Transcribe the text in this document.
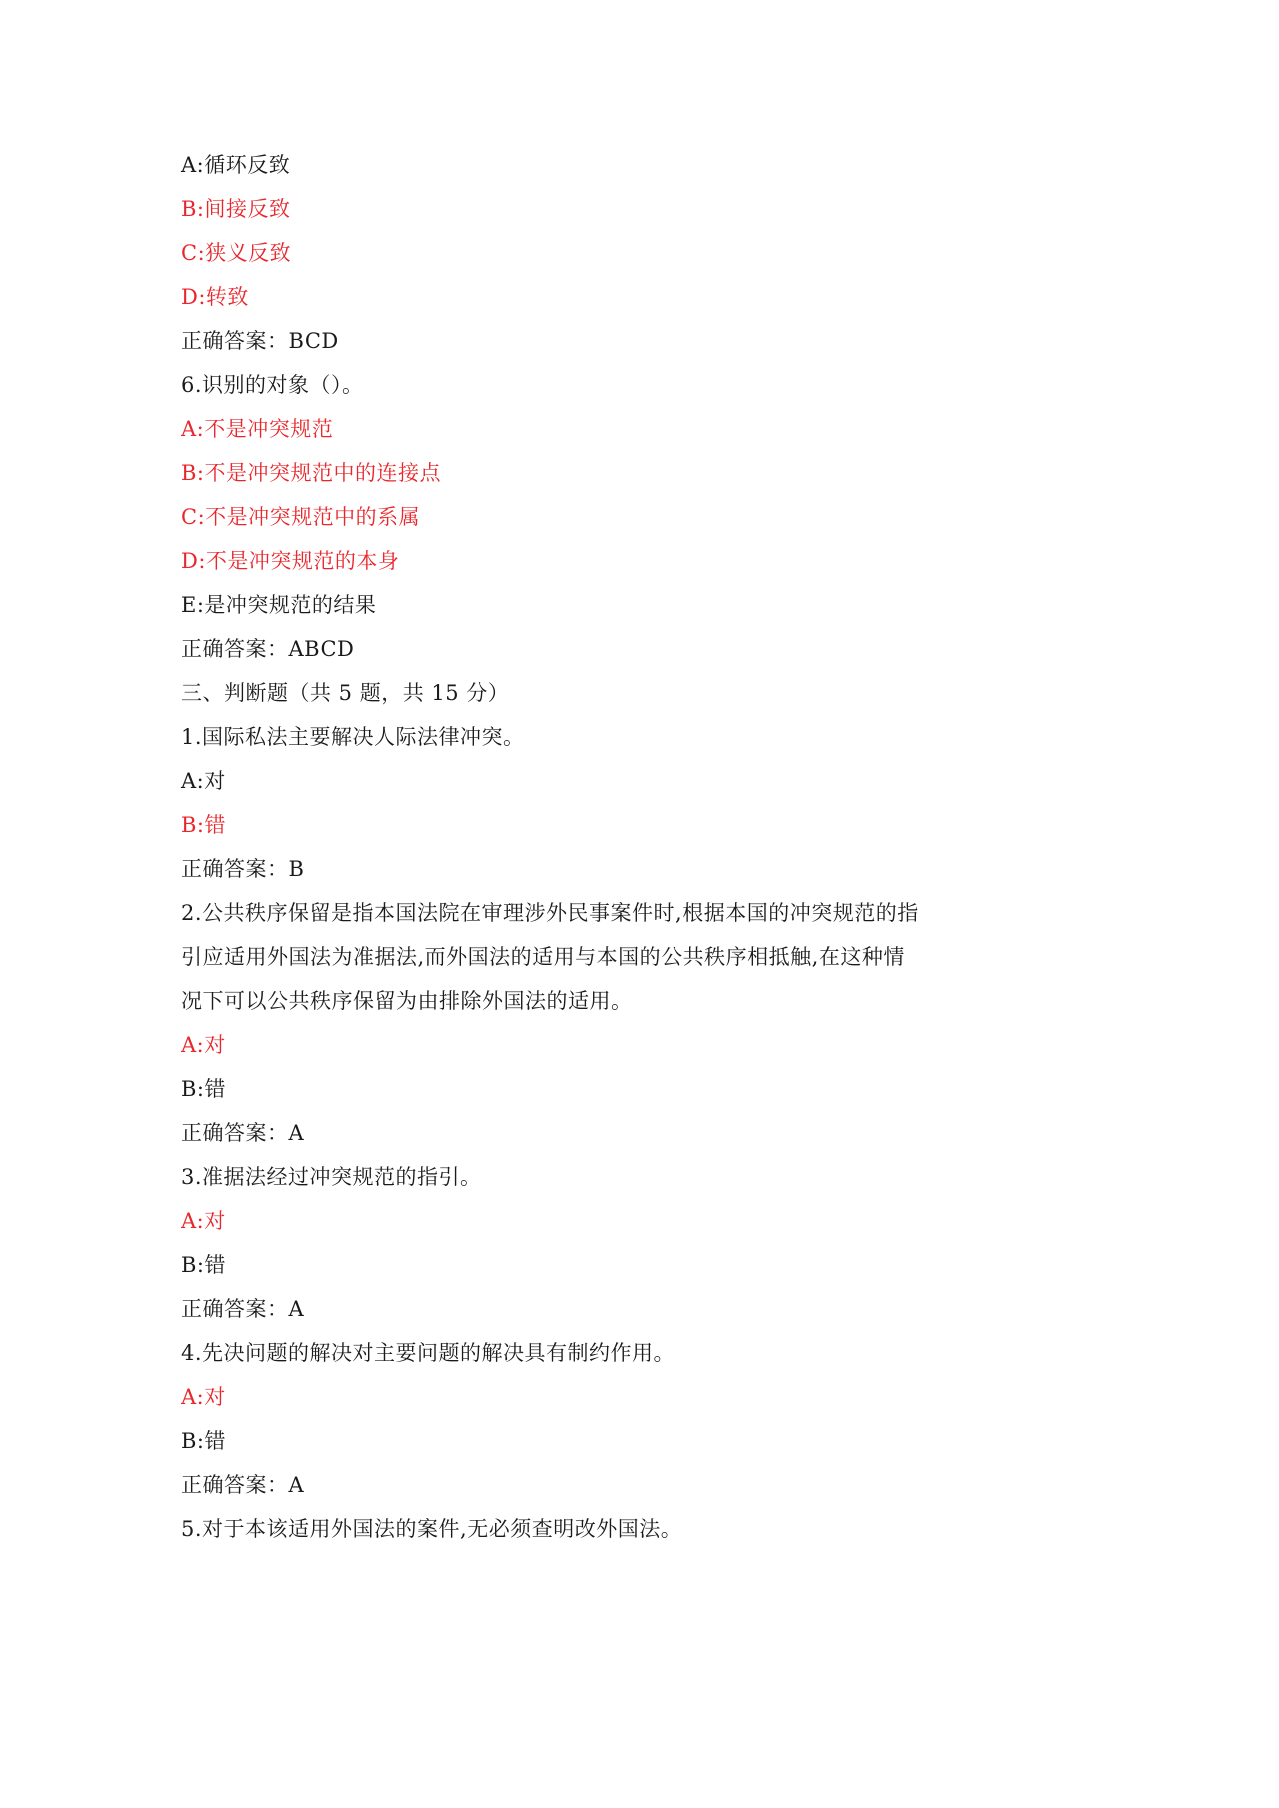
A:循环反致
B:间接反致
C:狭义反致
D:转致
正确答案：BCD
6.识别的对象（）。
A:不是冲突规范
B:不是冲突规范中的连接点
C:不是冲突规范中的系属
D:不是冲突规范的本身
E:是冲突规范的结果
正确答案：ABCD
三、判断题（共 5 题，共 15 分）
1.国际私法主要解决人际法律冲突。
A:对
B:错
正确答案：B
2.公共秩序保留是指本国法院在审理涉外民事案件时,根据本国的冲突规范的指
引应适用外国法为准据法,而外国法的适用与本国的公共秩序相抵触,在这种情
况下可以公共秩序保留为由排除外国法的适用。
A:对
B:错
正确答案：A
3.准据法经过冲突规范的指引。
A:对
B:错
正确答案：A
4.先决问题的解决对主要问题的解决具有制约作用。
A:对
B:错
正确答案：A
5.对于本该适用外国法的案件,无必须查明改外国法。
